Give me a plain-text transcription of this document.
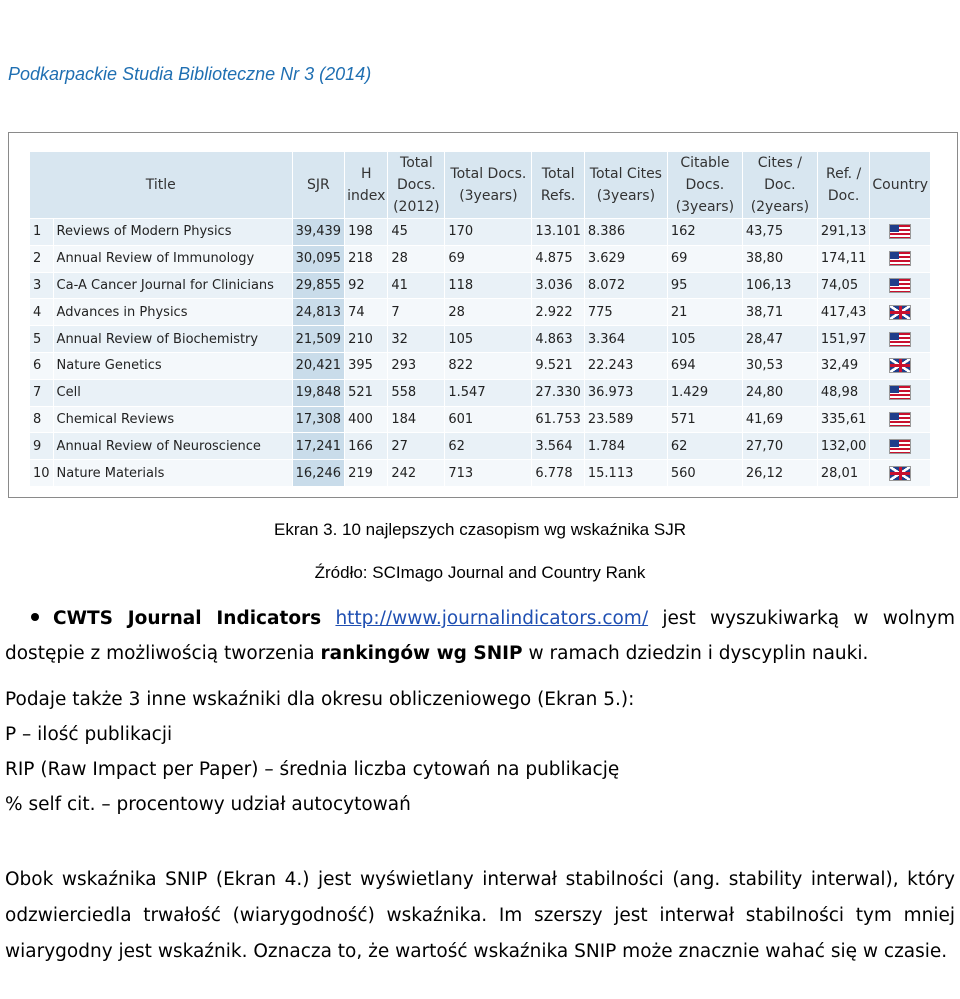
Podkarpackie Studia Biblioteczne Nr 3 (2014)
Title		SJR	H index	Total Docs. (2012)	Total Docs. (3years)	Total Refs.	Total Cites (3years)	Citable Docs. (3years)	Cites / Doc. (2years)	Ref. / Doc.	Country
1	Reviews of Modern Physics	39,439	198	45	170	13.101	8.386	162	43,75	291,13	
2	Annual Review of Immunology	30,095	218	28	69	4.875	3.629	69	38,80	174,11	
3	Ca-A Cancer Journal for Clinicians	29,855	92	41	118	3.036	8.072	95	106,13	74,05	
4	Advances in Physics	24,813	74	7	28	2.922	775	21	38,71	417,43	
5	Annual Review of Biochemistry	21,509	210	32	105	4.863	3.364	105	28,47	151,97	
6	Nature Genetics	20,421	395	293	822	9.521	22.243	694	30,53	32,49	
7	Cell	19,848	521	558	1.547	27.330	36.973	1.429	24,80	48,98	
8	Chemical Reviews	17,308	400	184	601	61.753	23.589	571	41,69	335,61	
9	Annual Review of Neuroscience	17,241	166	27	62	3.564	1.784	62	27,70	132,00	
10	Nature Materials	16,246	219	242	713	6.778	15.113	560	26,12	28,01	
Ekran 3. 10 najlepszych czasopism wg wskaźnika SJR
Źródło: SCImago Journal and Country Rank
CWTS Journal Indicators http://www.journalindicators.com/ jest wyszukiwarką w wolnym dostępie z możliwością tworzenia rankingów wg SNIP w ramach dziedzin i dyscyplin nauki.
Podaje także 3 inne wskaźniki dla okresu obliczeniowego (Ekran 5.):
P – ilość publikacji
RIP (Raw Impact per Paper) – średnia liczba cytowań na publikację
% self cit. – procentowy udział autocytowań
Obok wskaźnika SNIP (Ekran 4.) jest wyświetlany interwał stabilności (ang. stability interwal), który odzwierciedla trwałość (wiarygodność) wskaźnika. Im szerszy jest interwał stabilności tym mniej wiarygodny jest wskaźnik. Oznacza to, że wartość wskaźnika SNIP może znacznie wahać się w czasie.
